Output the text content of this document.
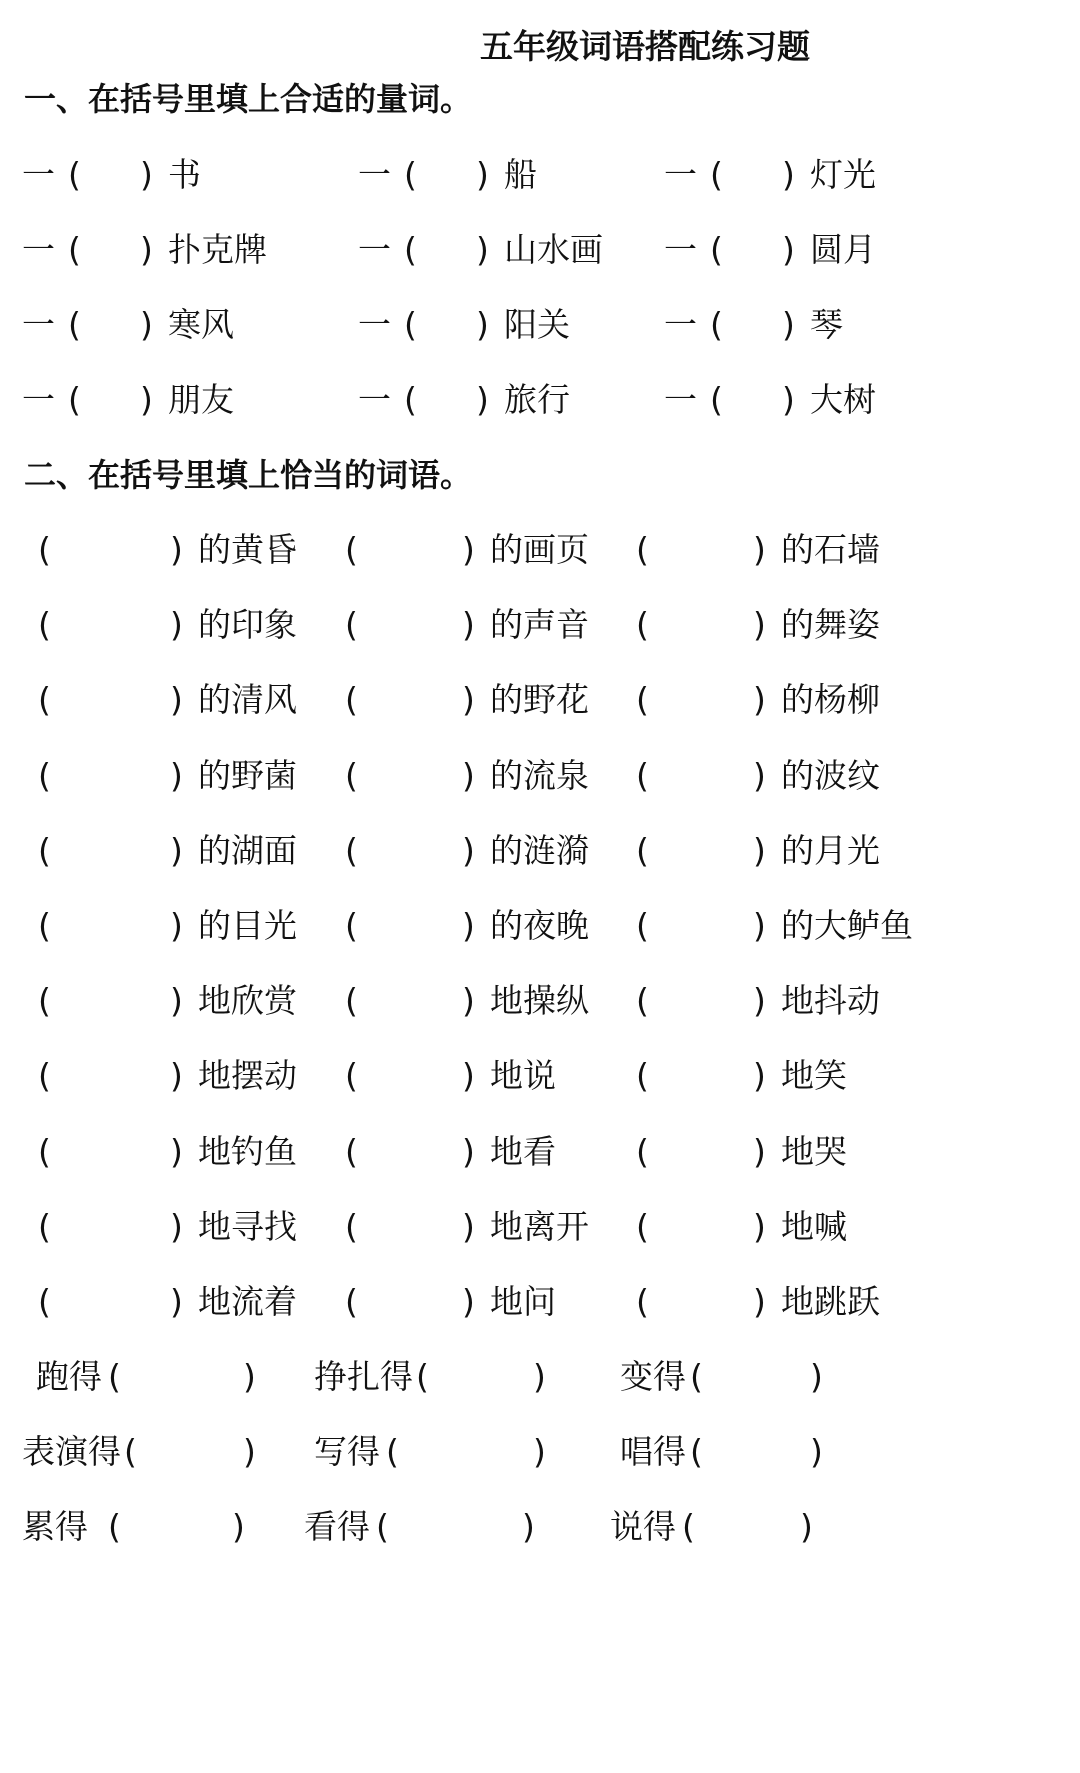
五年级词语搭配练习题
一、在括号里填上合适的量词。
一 ( ) 书	一 ( ) 船	一 ( ) 灯光
一 ( ) 扑克牌	一 ( ) 山水画 一 ( ) 圆月
一 ( ) 寒风	一 ( ) 阳关	一 ( ) 琴
一 ( ) 朋友	一 ( ) 旅行	一 ( ) 大树
二、在括号里填上恰当的词语。
(	) 的黄昏 (	) 的画页 (	) 的石墙
(	) 的印象 (	) 的声音 (	) 的舞姿
(	) 的清风 (	) 的野花 (	) 的杨柳
(	) 的野菌 (	) 的流泉 (	) 的波纹
(	) 的湖面 (	) 的涟漪 (	) 的月光
(	) 的目光 (	) 的夜晚 (	) 的大鲈鱼
(	) 地欣赏 (	) 地操纵 (	) 地抖动
(	) 地摆动 (	) 地说 (	) 地笑
(	) 地钓鱼 (	) 地看 (	) 地哭
(	) 地寻找 (	) 地离开 (	) 地喊
(	) 地流着 (	) 地问 (	) 地跳跃
跑得 (	) 挣扎得 (	) 变得 (	)
表演得 (	) 写得 (	) 唱得 (	)
累得 (	) 看得 (	) 说得 (	)
